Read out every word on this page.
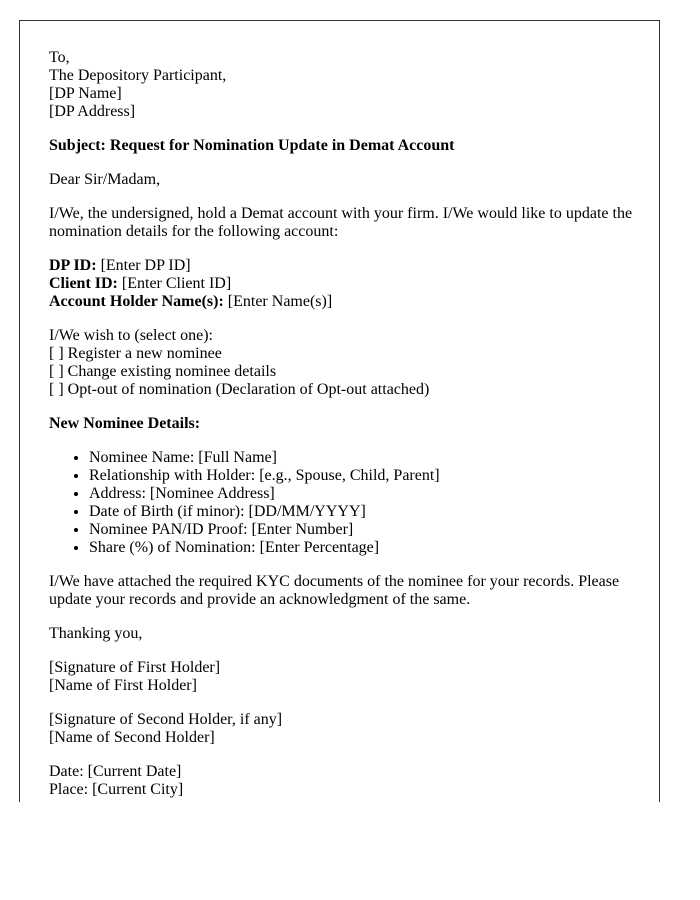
To,
The Depository Participant,
[DP Name]
[DP Address]

Subject: Request for Nomination Update in Demat Account

Dear Sir/Madam,

I/We, the undersigned, hold a Demat account with your firm. I/We would like to update the
nomination details for the following account:

DP ID: [Enter DP ID]
Client ID: [Enter Client ID]
Account Holder Name(s): [Enter Name(s)]

I/We wish to (select one):
[ ] Register a new nominee
[ ] Change existing nominee details
[ ] Opt-out of nomination (Declaration of Opt-out attached)

New Nominee Details:

• Nominee Name: [Full Name]
• Relationship with Holder: [e.g., Spouse, Child, Parent]
• Address: [Nominee Address]
• Date of Birth (if minor): [DD/MM/YYYY]
• Nominee PAN/ID Proof: [Enter Number]
• Share (%) of Nomination: [Enter Percentage]

I/We have attached the required KYC documents of the nominee for your records. Please
update your records and provide an acknowledgment of the same.

Thanking you,

[Signature of First Holder]
[Name of First Holder]

[Signature of Second Holder, if any]
[Name of Second Holder]

Date: [Current Date]
Place: [Current City]
